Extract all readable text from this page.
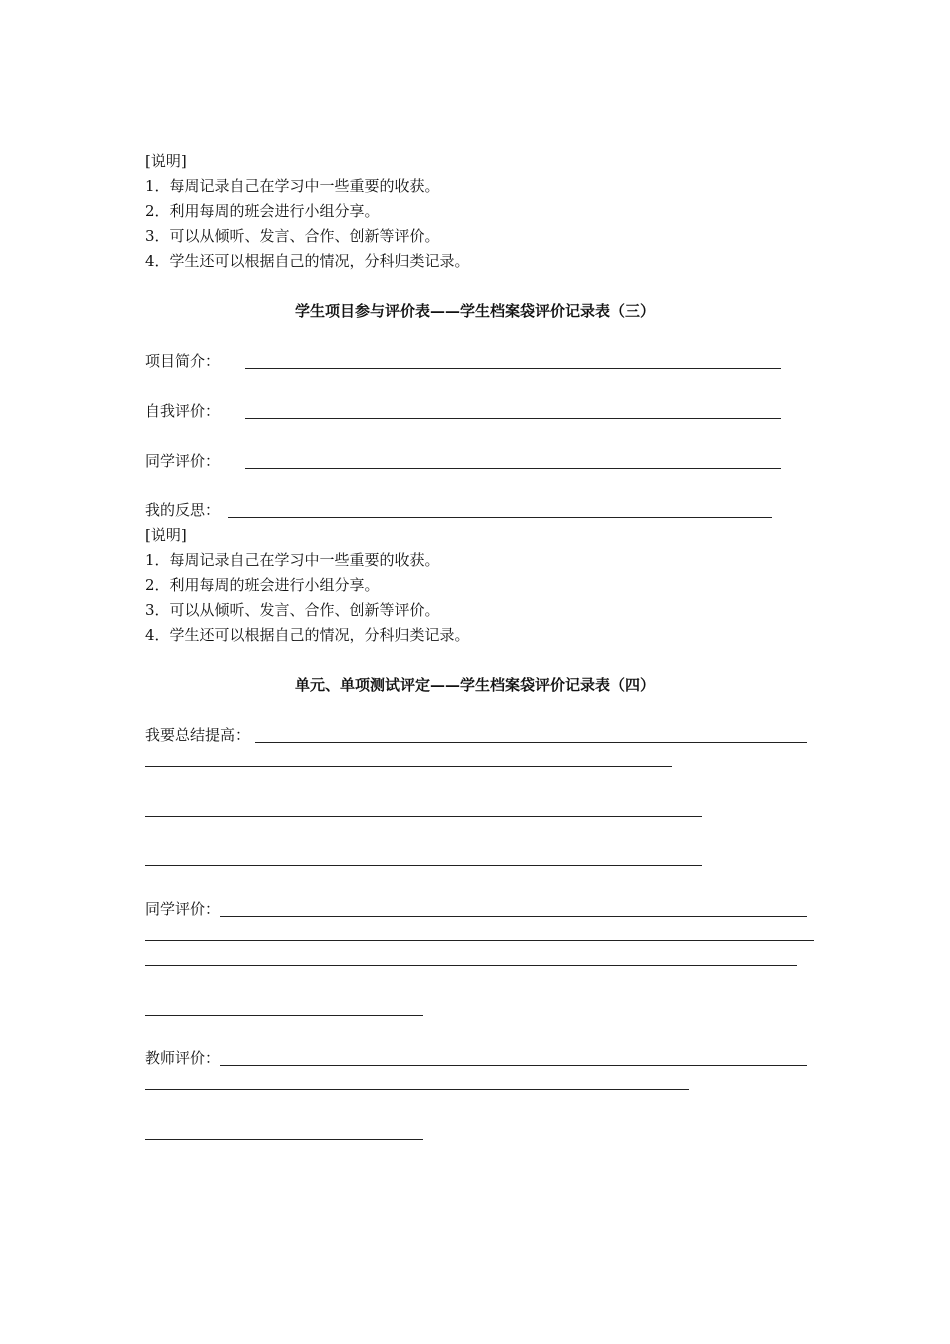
[说明]
1．每周记录自己在学习中一些重要的收获。
2．利用每周的班会进行小组分享。
3．可以从倾听、发言、合作、创新等评价。
4．学生还可以根据自己的情况，分科归类记录。
学生项目参与评价表——学生档案袋评价记录表（三）
项目简介：
自我评价：
同学评价：
我的反思：
[说明]
1．每周记录自己在学习中一些重要的收获。
2．利用每周的班会进行小组分享。
3．可以从倾听、发言、合作、创新等评价。
4．学生还可以根据自己的情况，分科归类记录。
单元、单项测试评定——学生档案袋评价记录表（四）
我要总结提高：
同学评价：
教师评价：
